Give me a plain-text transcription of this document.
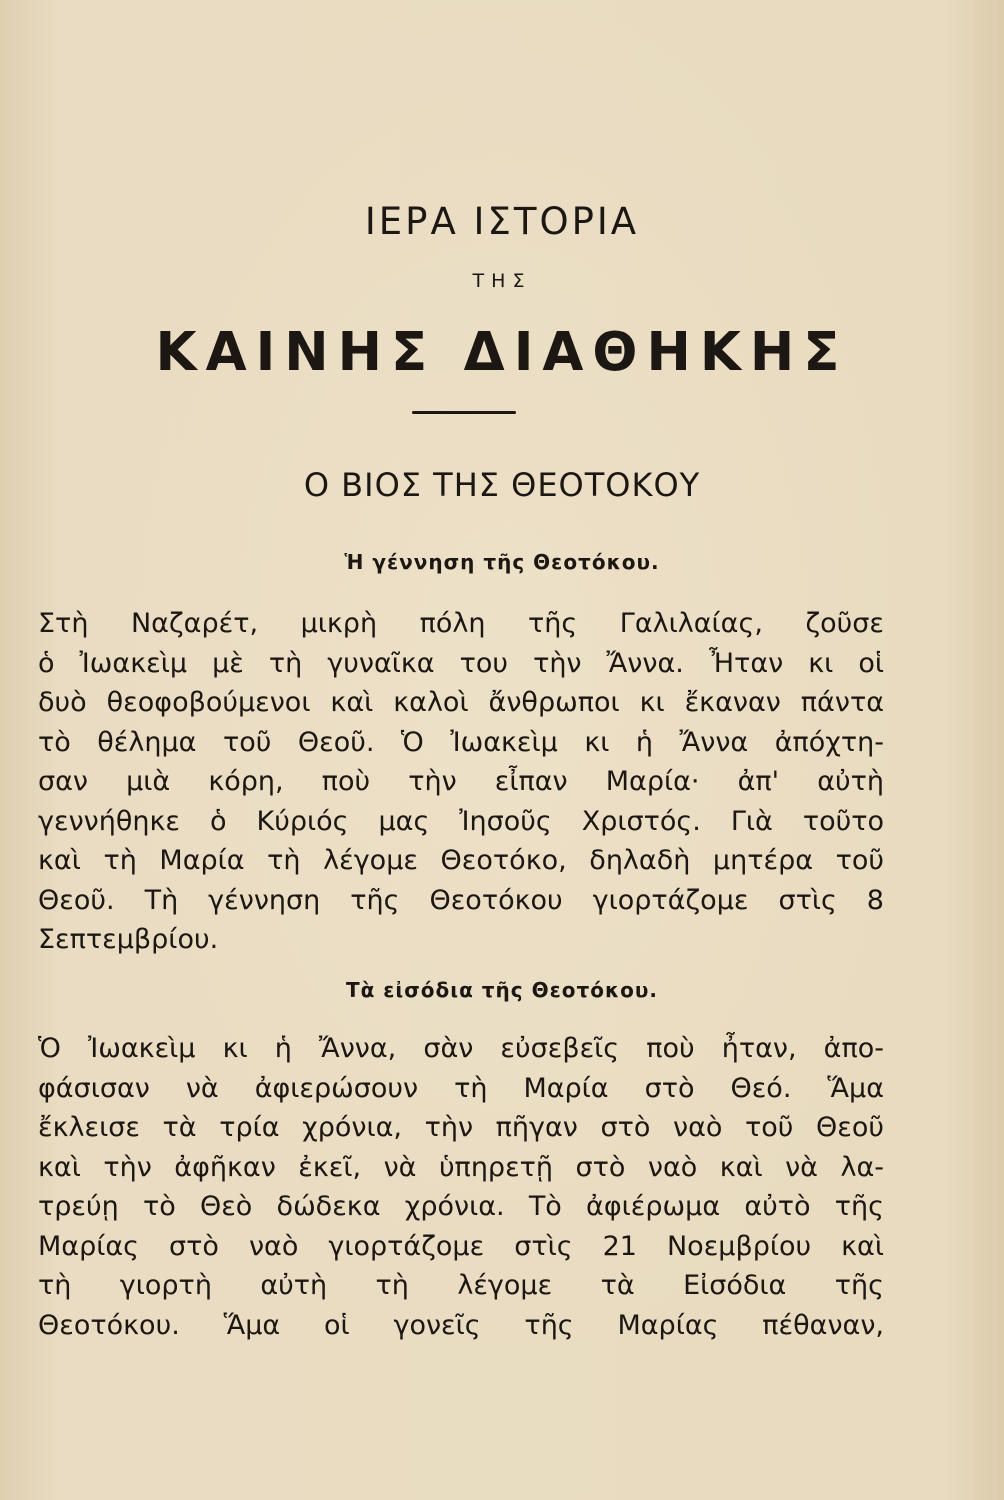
ΙΕΡΑ ΙΣΤΟΡΙΑ
ΤΗΣ
ΚΑΙΝΗΣ ΔΙΑΘΗΚΗΣ
Ο ΒΙΟΣ ΤΗΣ ΘΕΟΤΟΚΟΥ
Ἡ γέννηση τῆς Θεοτόκου.
Στὴ Ναζαρέτ, μικρὴ πόλη τῆς Γαλιλαίας, ζοῦσε
ὁ Ἰωακεὶμ μὲ τὴ γυναῖκα του τὴν Ἄννα. Ἦταν κι οἱ
δυὸ θεοφοβούμενοι καὶ καλοὶ ἄνθρωποι κι ἔκαναν πάντα
τὸ θέλημα τοῦ Θεοῦ. Ὁ Ἰωακεὶμ κι ἡ Ἄννα ἀπόχτη-
σαν μιὰ κόρη, ποὺ τὴν εἶπαν Μαρία· ἀπ' αὐτὴ
γεννήθηκε ὁ Κύριός μας Ἰησοῦς Χριστός. Γιὰ τοῦτο
καὶ τὴ Μαρία τὴ λέγομε Θεοτόκο, δηλαδὴ μητέρα τοῦ
Θεοῦ. Τὴ γέννηση τῆς Θεοτόκου γιορτάζομε στὶς 8
Σεπτεμβρίου.
Τὰ εἰσόδια τῆς Θεοτόκου.
Ὁ Ἰωακεὶμ κι ἡ Ἄννα, σὰν εὐσεβεῖς ποὺ ἦταν, ἀπο-
φάσισαν νὰ ἀφιερώσουν τὴ Μαρία στὸ Θεό. Ἅμα
ἔκλεισε τὰ τρία χρόνια, τὴν πῆγαν στὸ ναὸ τοῦ Θεοῦ
καὶ τὴν ἀφῆκαν ἐκεῖ, νὰ ὑπηρετῇ στὸ ναὸ καὶ νὰ λα-
τρεύῃ τὸ Θεὸ δώδεκα χρόνια. Τὸ ἀφιέρωμα αὐτὸ τῆς
Μαρίας στὸ ναὸ γιορτάζομε στὶς 21 Νοεμβρίου καὶ
τὴ γιορτὴ αὐτὴ τὴ λέγομε τὰ Εἰσόδια τῆς
Θεοτόκου. Ἅμα οἱ γονεῖς τῆς Μαρίας πέθαναν,
